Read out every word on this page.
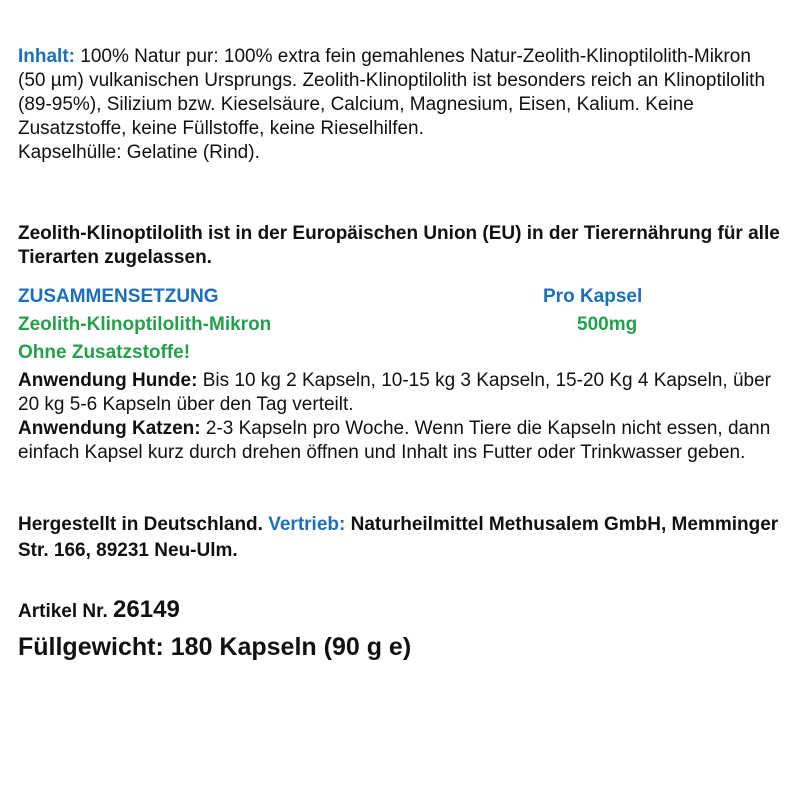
Inhalt: 100% Natur pur: 100% extra fein gemahlenes Natur-Zeolith-Klinoptilolith-Mikron (50 µm) vulkanischen Ursprungs. Zeolith-Klinoptilolith ist besonders reich an Klinoptilolith (89-95%), Silizium bzw. Kieselsäure, Calcium, Magnesium, Eisen, Kalium. Keine Zusatzstoffe, keine Füllstoffe, keine Rieselhilfen.
Kapselhülle: Gelatine (Rind).
Zeolith-Klinoptilolith ist in der Europäischen Union (EU) in der Tierernährung für alle Tierarten zugelassen.
ZUSAMMENSETZUNG	Pro Kapsel
Zeolith-Klinoptilolith-Mikron	500mg
Ohne Zusatzstoffe!
Anwendung Hunde: Bis 10 kg 2 Kapseln, 10-15 kg 3 Kapseln, 15-20 Kg 4 Kapseln, über 20 kg 5-6 Kapseln über den Tag verteilt.
Anwendung Katzen: 2-3 Kapseln pro Woche. Wenn Tiere die Kapseln nicht essen, dann einfach Kapsel kurz durch drehen öffnen und Inhalt ins Futter oder Trinkwasser geben.
Hergestellt in Deutschland. Vertrieb: Naturheilmittel Methusalem GmbH, Memminger Str. 166, 89231 Neu-Ulm.
Artikel Nr. 26149
Füllgewicht: 180 Kapseln (90 g e)
